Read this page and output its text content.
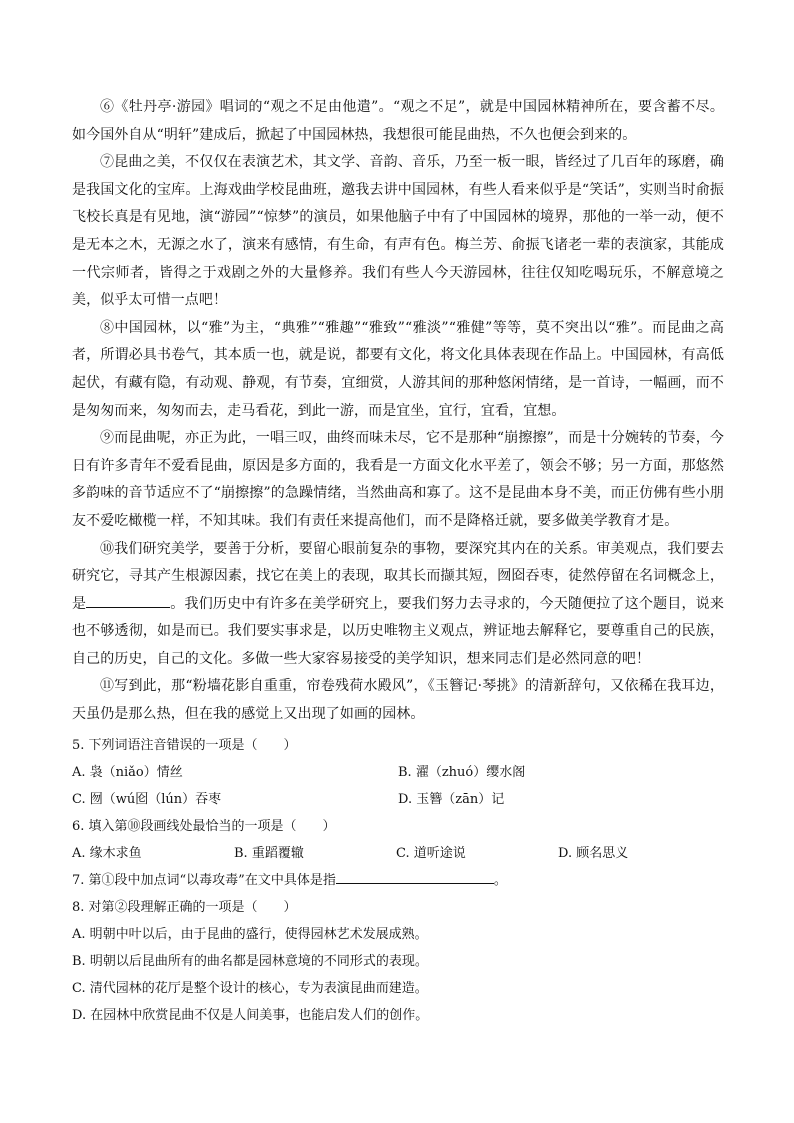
⑥《牡丹亭·游园》唱词的“观之不足由他遣”。“观之不足”，就是中国园林精神所在，要含蓄不尽。如今国外自从“明轩”建成后，掀起了中国园林热，我想很可能昆曲热，不久也便会到来的。

⑦昆曲之美，不仅仅在表演艺术，其文学、音韵、音乐，乃至一板一眼，皆经过了几百年的琢磨，确是我国文化的宝库。上海戏曲学校昆曲班，邀我去讲中国园林，有些人看来似乎是“笑话”，实则当时俞振飞校长真是有见地，演“游园”“惊梦”的演员，如果他脑子中有了中国园林的境界，那他的一举一动，便不是无本之木，无源之水了，演来有感情，有生命，有声有色。梅兰芳、俞振飞诸老一辈的表演家，其能成一代宗师者，皆得之于戏剧之外的大量修养。我们有些人今天游园林，往往仅知吃喝玩乐，不解意境之美，似乎太可惜一点吧！

⑧中国园林，以“雅”为主，“典雅”“雅趣”“雅致”“雅淡”“雅健”等等，莫不突出以“雅”。而昆曲之高者，所谓必具书卷气，其本质一也，就是说，都要有文化，将文化具体表现在作品上。中国园林，有高低起伏，有藏有隐，有动观、静观，有节奏，宜细赏，人游其间的那种悠闲情绪，是一首诗，一幅画，而不是匆匆而来，匆匆而去，走马看花，到此一游，而是宜坐，宜行，宜看，宜想。

⑨而昆曲呢，亦正为此，一唱三叹，曲终而味未尽，它不是那种“崩擦擦”，而是十分婉转的节奏，今日有许多青年不爱看昆曲，原因是多方面的，我看是一方面文化水平差了，领会不够；另一方面，那悠然多韵味的音节适应不了“崩擦擦”的急躁情绪，当然曲高和寡了。这不是昆曲本身不美，而正仿佛有些小朋友不爱吃橄榄一样，不知其味。我们有责任来提高他们，而不是降格迁就，要多做美学教育才是。

⑩我们研究美学，要善于分析，要留心眼前复杂的事物，要深究其内在的关系。审美观点，我们要去研究它，寻其产生根源因素，找它在美上的表现，取其长而撷其短，囫囵吞枣，徒然停留在名词概念上，是	。我们历史中有许多在美学研究上，要我们努力去寻求的，今天随便拉了这个题目，说来也不够透彻，如是而已。我们要实事求是，以历史唯物主义观点，辨证地去解释它，要尊重自己的民族，自己的历史，自己的文化。多做一些大家容易接受的美学知识，想来同志们是必然同意的吧！

⑪写到此，那“粉墙花影自重重，帘卷残荷水殿风”，《玉簪记·琴挑》的清新辞句，又依稀在我耳边，天虽仍是那么热，但在我的感觉上又出现了如画的园林。

5. 下列词语注音错误的一项是（　　）

A. 袅（niǎo）情丝	B. 濯（zhuó）缨水阁
C. 囫（wú囵（lún）吞枣	D. 玉簪（zān）记

6. 填入第⑩段画线处最恰当的一项是（　　）

A. 缘木求鱼	B. 重蹈覆辙	C. 道听途说	D. 顾名思义

7. 第①段中加点词“以毒攻毒”在文中具体是指	。

8. 对第②段理解正确的一项是（　　）

A. 明朝中叶以后，由于昆曲的盛行，使得园林艺术发展成熟。

B. 明朝以后昆曲所有的曲名都是园林意境的不同形式的表现。

C. 清代园林的花厅是整个设计的核心，专为表演昆曲而建造。

D. 在园林中欣赏昆曲不仅是人间美事，也能启发人们的创作。
